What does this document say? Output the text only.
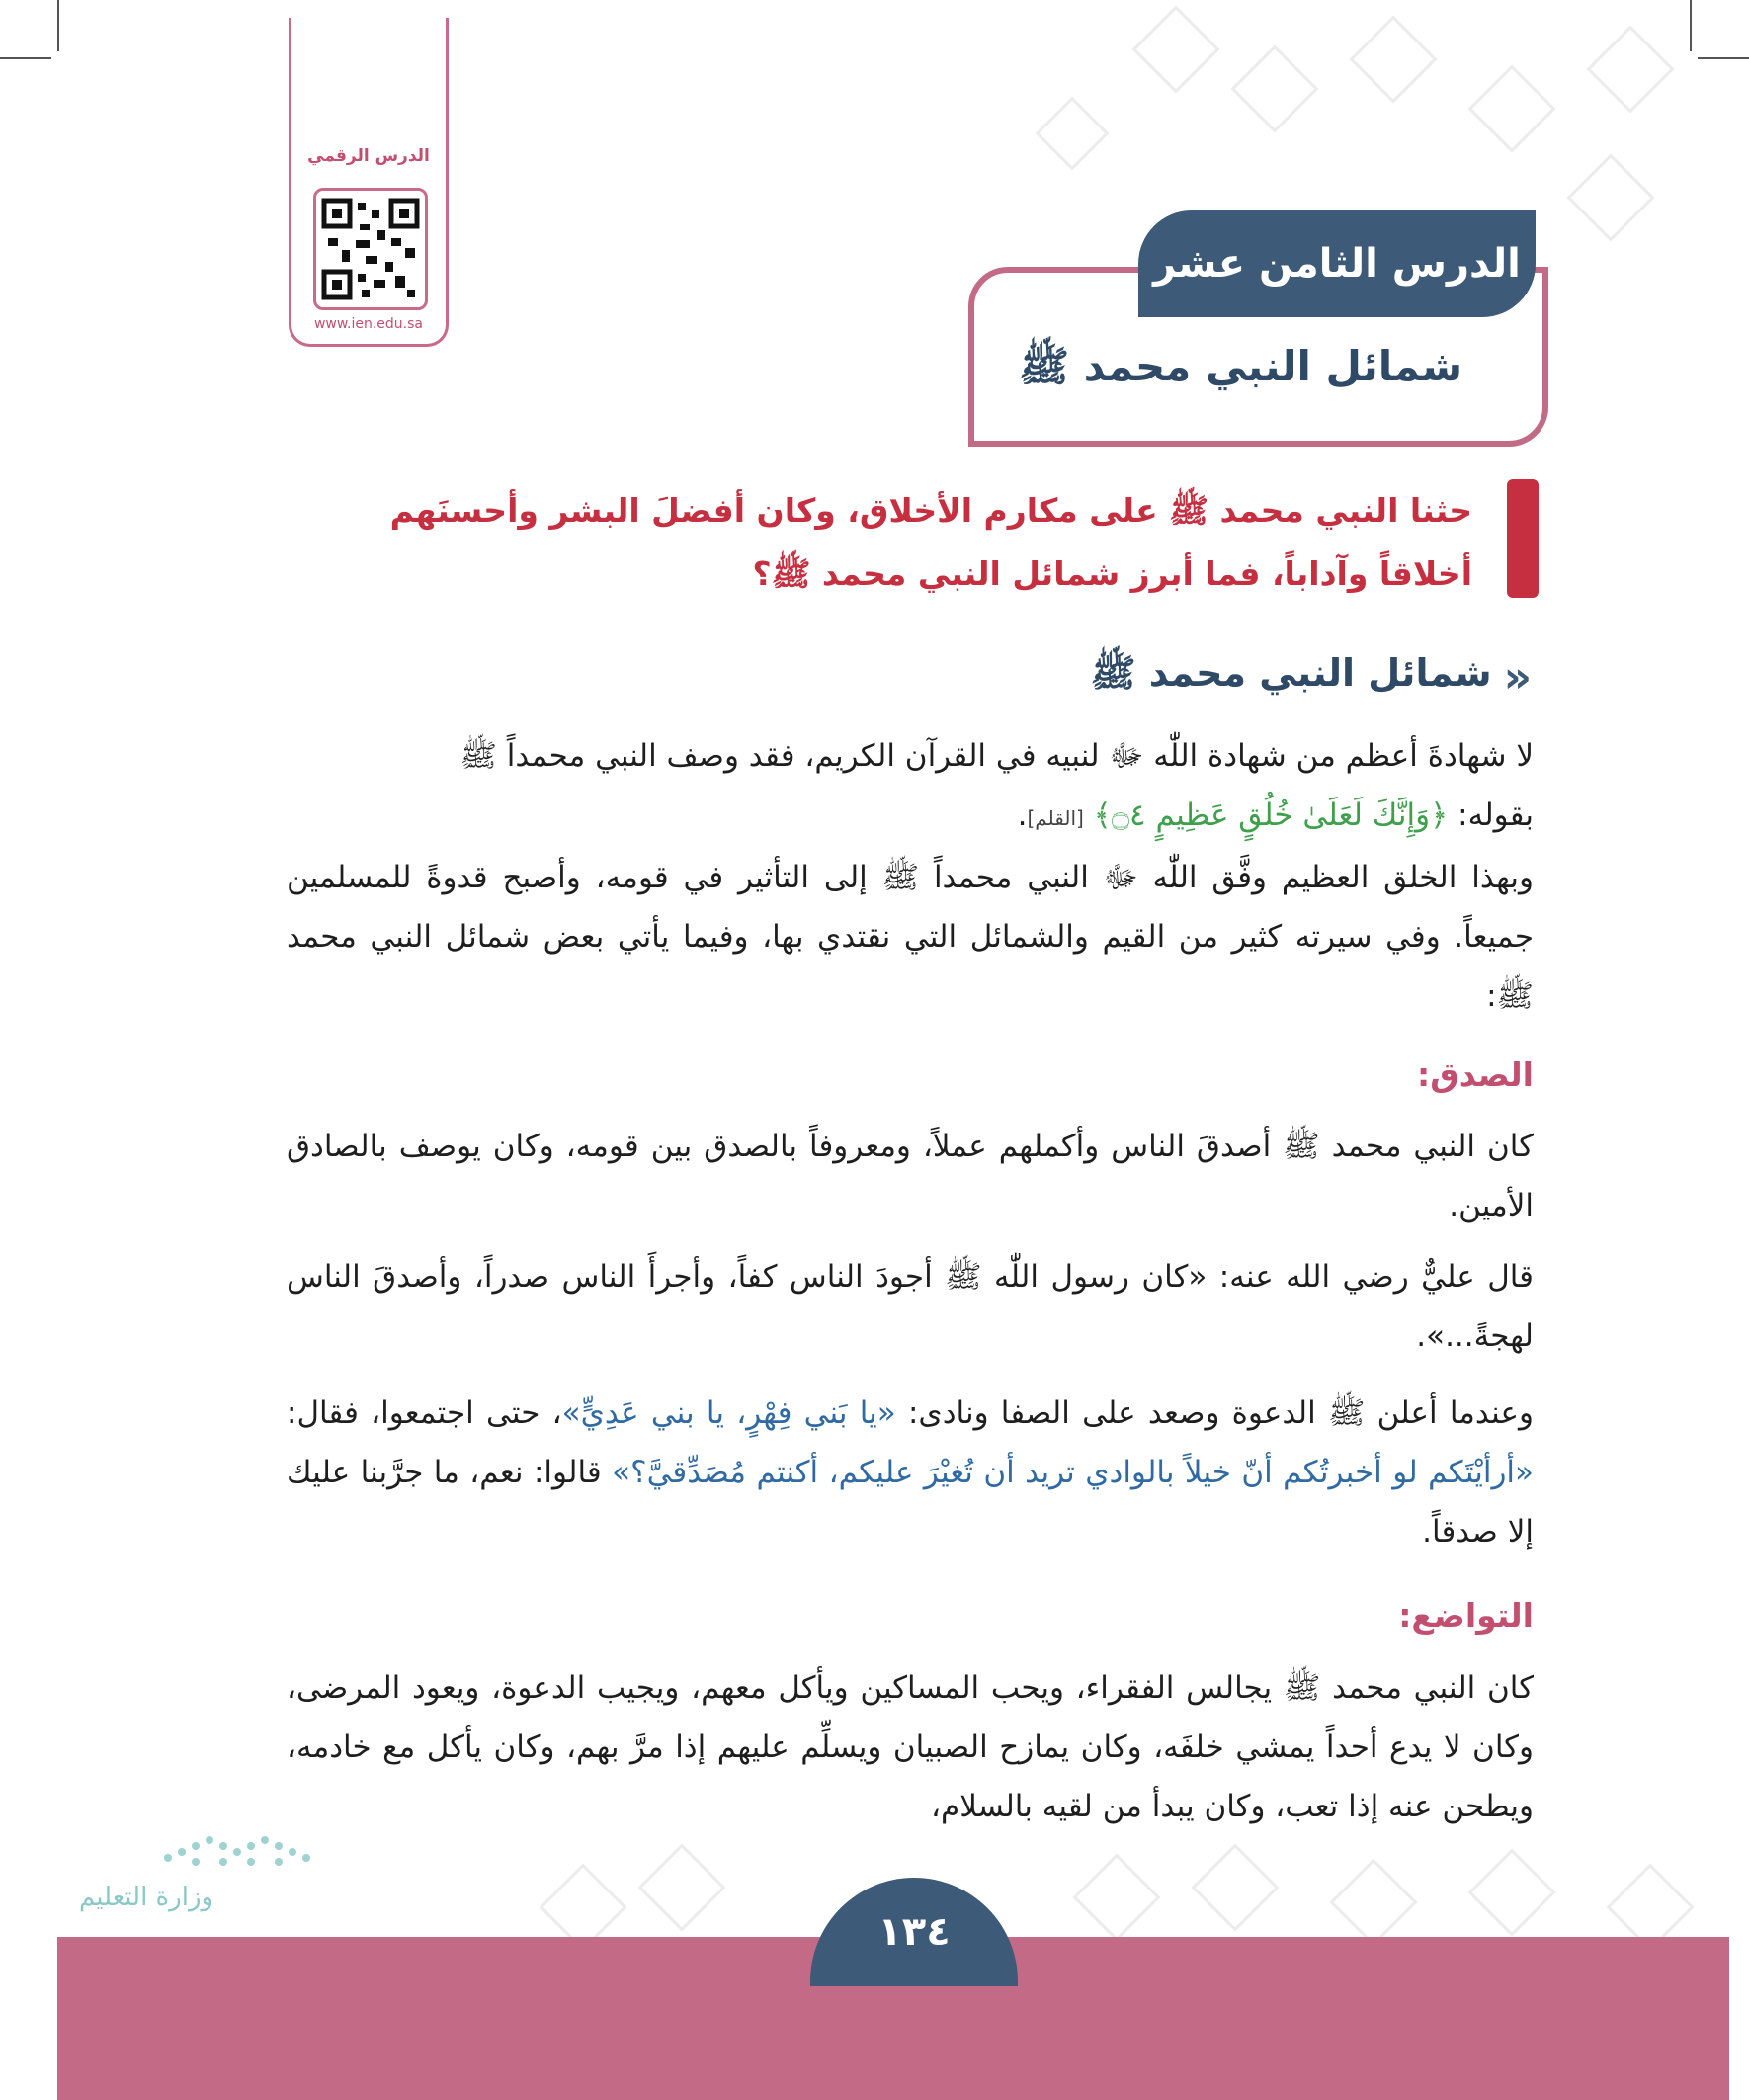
الدرس الرقمي
www.ien.edu.sa
الدرس الثامن عشر
شمائل النبي محمد ﷺ
حثنا النبي محمد ﷺ على مكارم الأخلاق، وكان أفضلَ البشر وأحسنَهم أخلاقاً وآداباً، فما أبرز شمائل النبي محمد ﷺ؟
«
شمائل النبي محمد ﷺ
لا شهادةَ أعظم من شهادة اللّٰه ﷻ لنبيه في القرآن الكريم، فقد وصف النبي محمداً ﷺ
بقوله: ﴿وَإِنَّكَ لَعَلَىٰ خُلُقٍ عَظِيمٍ ۝٤﴾ [القلم].
وبهذا الخلق العظيم وفَّق اللّٰه ﷻ النبي محمداً ﷺ إلى التأثير في قومه، وأصبح قدوةً للمسلمين جميعاً. وفي سيرته كثير من القيم والشمائل التي نقتدي بها، وفيما يأتي بعض شمائل النبي محمد ﷺ:
الصدق:
كان النبي محمد ﷺ أصدقَ الناس وأكملهم عملاً، ومعروفاً بالصدق بين قومه، وكان يوصف بالصادق الأمين.
قال عليٌّ رضي الله عنه: «كان رسول اللّٰه ﷺ أجودَ الناس كفاً، وأجرأَ الناس صدراً، وأصدقَ الناس لهجةً...».
وعندما أعلن ﷺ الدعوة وصعد على الصفا ونادى: «يا بَني فِهْرٍ، يا بني عَدِيٍّ»، حتى اجتمعوا، فقال: «أرأيْتَكم لو أخبرتُكم أنّ خيلاً بالوادي تريد أن تُغيْرَ عليكم، أكنتم مُصَدِّقيَّ؟» قالوا: نعم، ما جرَّبنا عليك إلا صدقاً.
التواضع:
كان النبي محمد ﷺ يجالس الفقراء، ويحب المساكين ويأكل معهم، ويجيب الدعوة، ويعود المرضى، وكان لا يدع أحداً يمشي خلفَه، وكان يمازح الصبيان ويسلِّم عليهم إذا مرَّ بهم، وكان يأكل مع خادمه، ويطحن عنه إذا تعب، وكان يبدأ من لقيه بالسلام،
١٣٤
وزارة التعليم
